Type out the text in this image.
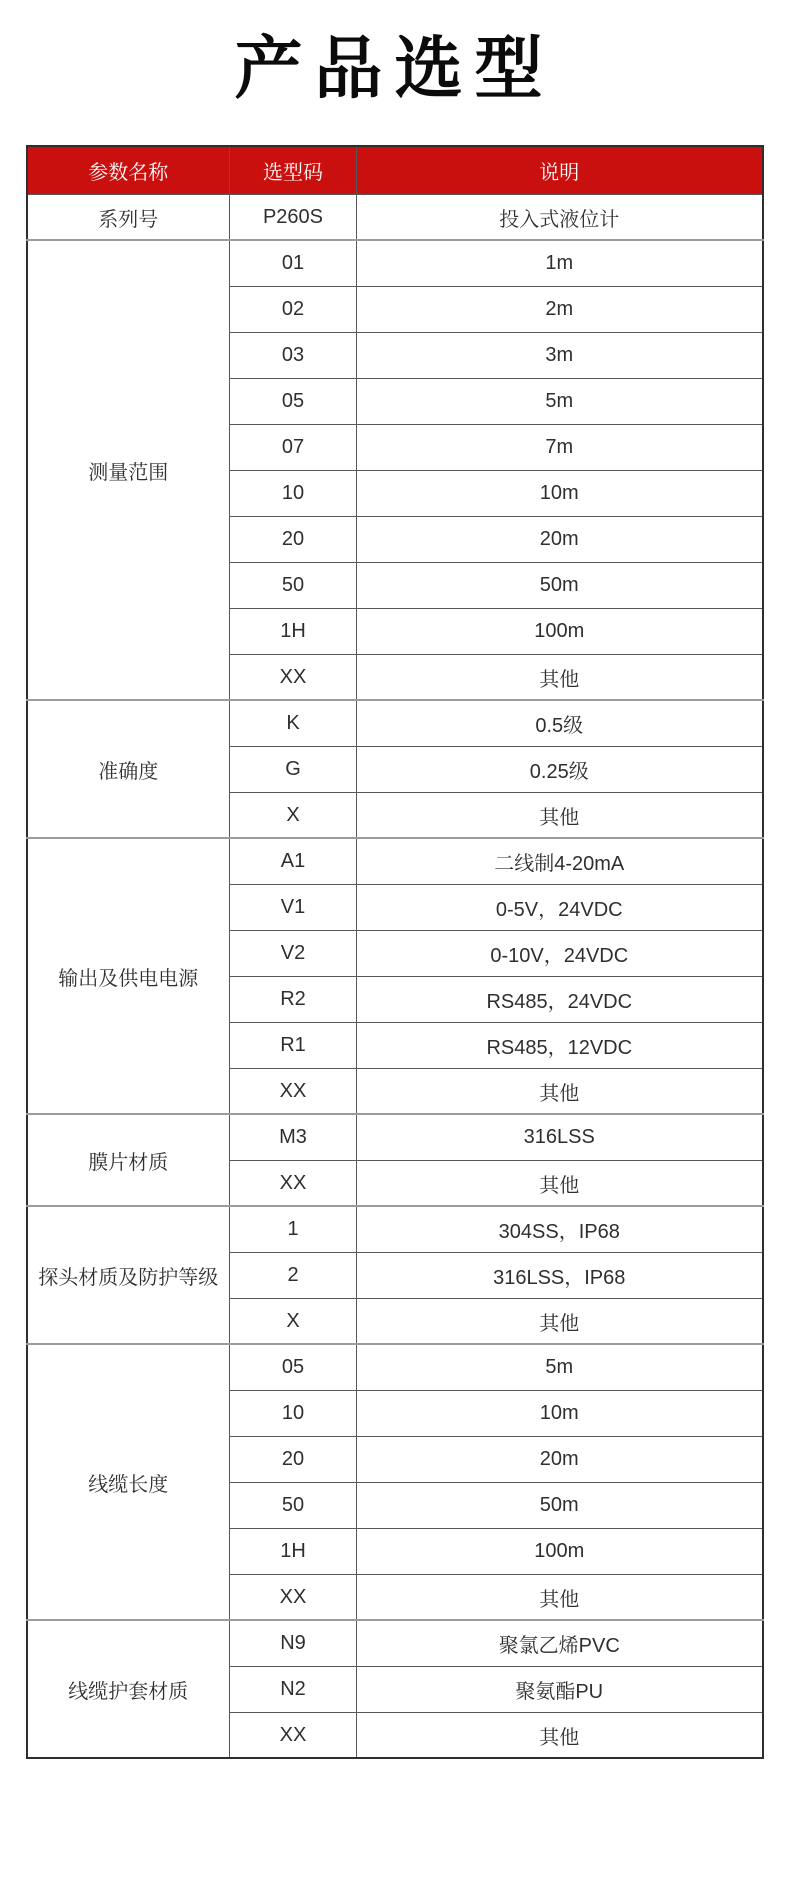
产品选型
参数名称	选型码	说明
系列号	P260S	投入式液位计
测量范围	01	1m
	02	2m
	03	3m
	05	5m
	07	7m
	10	10m
	20	20m
	50	50m
	1H	100m
	XX	其他
准确度	K	0.5级
	G	0.25级
	X	其他
输出及供电电源	A1	二线制4-20mA
	V1	0-5V，24VDC
	V2	0-10V，24VDC
	R2	RS485，24VDC
	R1	RS485，12VDC
	XX	其他
膜片材质	M3	316LSS
	XX	其他
探头材质及防护等级	1	304SS，IP68
	2	316LSS，IP68
	X	其他
线缆长度	05	5m
	10	10m
	20	20m
	50	50m
	1H	100m
	XX	其他
线缆护套材质	N9	聚氯乙烯PVC
	N2	聚氨酯PU
	XX	其他
